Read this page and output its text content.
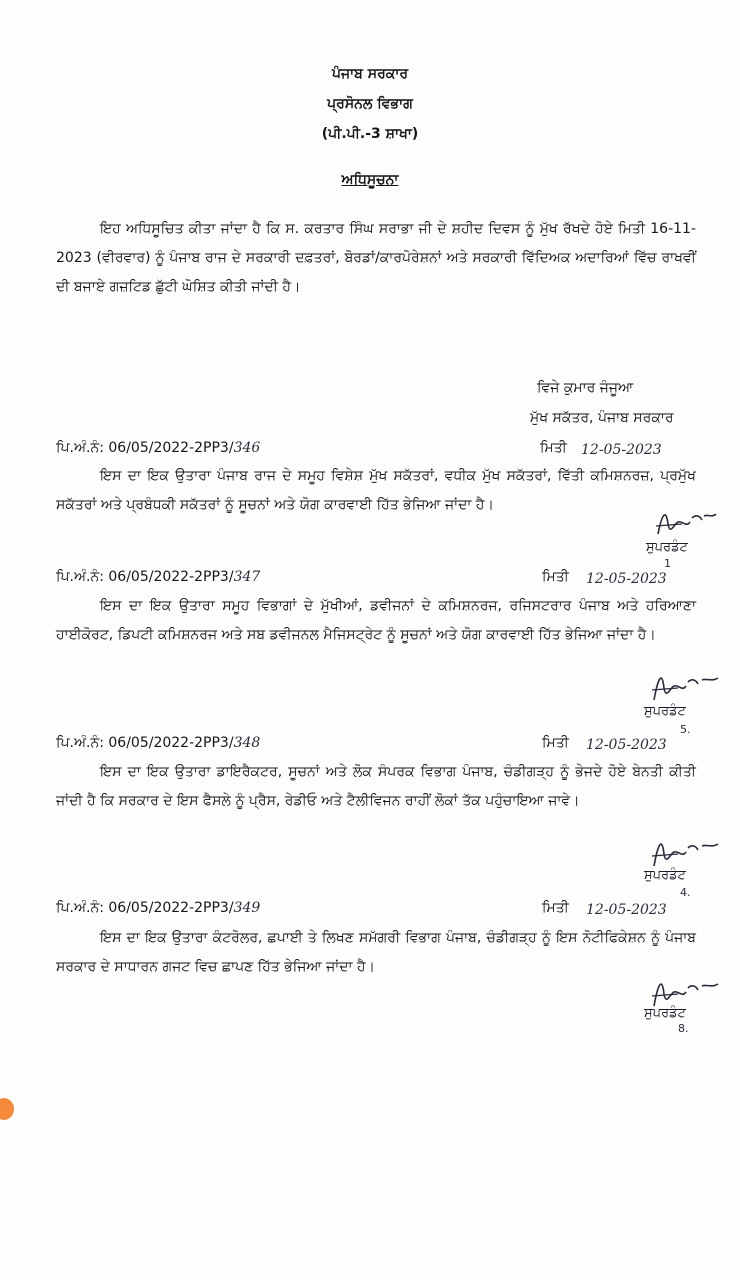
ਪੰਜਾਬ ਸਰਕਾਰ
ਪ੍ਰਸੋਨਲ ਵਿਭਾਗ
(ਪੀ.ਪੀ.-3 ਸ਼ਾਖਾ)
ਅਧਿਸੂਚਨਾ
ਇਹ ਅਧਿਸੂਚਿਤ ਕੀਤਾ ਜਾਂਦਾ ਹੈ ਕਿ ਸ. ਕਰਤਾਰ ਸਿੰਘ ਸਰਾਭਾ ਜੀ ਦੇ ਸ਼ਹੀਦ ਦਿਵਸ ਨੂੰ ਮੁੱਖ ਰੱਖਦੇ ਹੋਏ ਮਿਤੀ 16-11-2023 (ਵੀਰਵਾਰ) ਨੂੰ ਪੰਜਾਬ ਰਾਜ ਦੇ ਸਰਕਾਰੀ ਦਫ਼ਤਰਾਂ, ਬੋਰਡਾਂ/ਕਾਰਪੋਰੇਸ਼ਨਾਂ ਅਤੇ ਸਰਕਾਰੀ ਵਿੱਦਿਅਕ ਅਦਾਰਿਆਂ ਵਿੱਚ ਰਾਖਵੀਂ ਦੀ ਬਜਾਏ ਗਜ਼ਟਿਡ ਛੁੱਟੀ ਘੋਸ਼ਿਤ ਕੀਤੀ ਜਾਂਦੀ ਹੈ।
ਵਿਜੇ ਕੁਮਾਰ ਜੰਜੂਆ
ਮੁੱਖ ਸਕੱਤਰ, ਪੰਜਾਬ ਸਰਕਾਰ
ਪਿ.ਅੰ.ਨੰ: 06/05/2022-2PP3/346	ਮਿਤੀ 12-05-2023
ਇਸ ਦਾ ਇਕ ਉਤਾਰਾ ਪੰਜਾਬ ਰਾਜ ਦੇ ਸਮੂਹ ਵਿਸ਼ੇਸ਼ ਮੁੱਖ ਸਕੱਤਰਾਂ, ਵਧੀਕ ਮੁੱਖ ਸਕੱਤਰਾਂ, ਵਿੱਤੀ ਕਮਿਸ਼ਨਰਜ਼, ਪ੍ਰਮੁੱਖ ਸਕੱਤਰਾਂ ਅਤੇ ਪ੍ਰਬੰਧਕੀ ਸਕੱਤਰਾਂ ਨੂੰ ਸੂਚਨਾਂ ਅਤੇ ਯੋਗ ਕਾਰਵਾਈ ਹਿੱਤ ਭੇਜਿਆ ਜਾਂਦਾ ਹੈ।
ਸੁਪਰਡੰਟ
1
ਪਿ.ਅੰ.ਨੰ: 06/05/2022-2PP3/347	ਮਿਤੀ 12-05-2023
ਇਸ ਦਾ ਇਕ ਉਤਾਰਾ ਸਮੂਹ ਵਿਭਾਗਾਂ ਦੇ ਮੁੱਖੀਆਂ, ਡਵੀਜਨਾਂ ਦੇ ਕਮਿਸ਼ਨਰਜ, ਰਜਿਸਟਰਾਰ ਪੰਜਾਬ ਅਤੇ ਹਰਿਆਣਾ ਹਾਈਕੋਰਟ, ਡਿਪਟੀ ਕਮਿਸ਼ਨਰਜ ਅਤੇ ਸਬ ਡਵੀਜਨਲ ਮੈਜਿਸਟ੍ਰੇਟ ਨੂੰ ਸੂਚਨਾਂ ਅਤੇ ਯੋਗ ਕਾਰਵਾਈ ਹਿੱਤ ਭੇਜਿਆ ਜਾਂਦਾ ਹੈ।
ਸੁਪਰਡੰਟ
5.
ਪਿ.ਅੰ.ਨੰ: 06/05/2022-2PP3/348	ਮਿਤੀ 12-05-2023
ਇਸ ਦਾ ਇਕ ਉਤਾਰਾ ਡਾਇਰੈਕਟਰ, ਸੂਚਨਾਂ ਅਤੇ ਲੋਕ ਸੰਪਰਕ ਵਿਭਾਗ ਪੰਜਾਬ, ਚੰਡੀਗੜ੍ਹ ਨੂੰ ਭੇਜਦੇ ਹੋਏ ਬੇਨਤੀ ਕੀਤੀ ਜਾਂਦੀ ਹੈ ਕਿ ਸਰਕਾਰ ਦੇ ਇਸ ਫੈਸਲੇ ਨੂੰ ਪ੍ਰੈਸ, ਰੇਡੀਓ ਅਤੇ ਟੈਲੀਵਿਜਨ ਰਾਹੀਂ ਲੋਕਾਂ ਤੱਕ ਪਹੁੰਚਾਇਆ ਜਾਵੇ।
ਸੁਪਰਡੰਟ
4.
ਪਿ.ਅੰ.ਨੰ: 06/05/2022-2PP3/349	ਮਿਤੀ 12-05-2023
ਇਸ ਦਾ ਇਕ ਉਤਾਰਾ ਕੰਟਰੋਲਰ, ਛਪਾਈ ਤੇ ਲਿਖਣ ਸਮੱਗਰੀ ਵਿਭਾਗ ਪੰਜਾਬ, ਚੰਡੀਗੜ੍ਹ ਨੂੰ ਇਸ ਨੋਟੀਫਿਕੇਸ਼ਨ ਨੂੰ ਪੰਜਾਬ ਸਰਕਾਰ ਦੇ ਸਾਧਾਰਨ ਗਜਟ ਵਿਚ ਛਾਪਣ ਹਿੱਤ ਭੇਜਿਆ ਜਾਂਦਾ ਹੈ।
ਸੁਪਰਡੰਟ
8.
